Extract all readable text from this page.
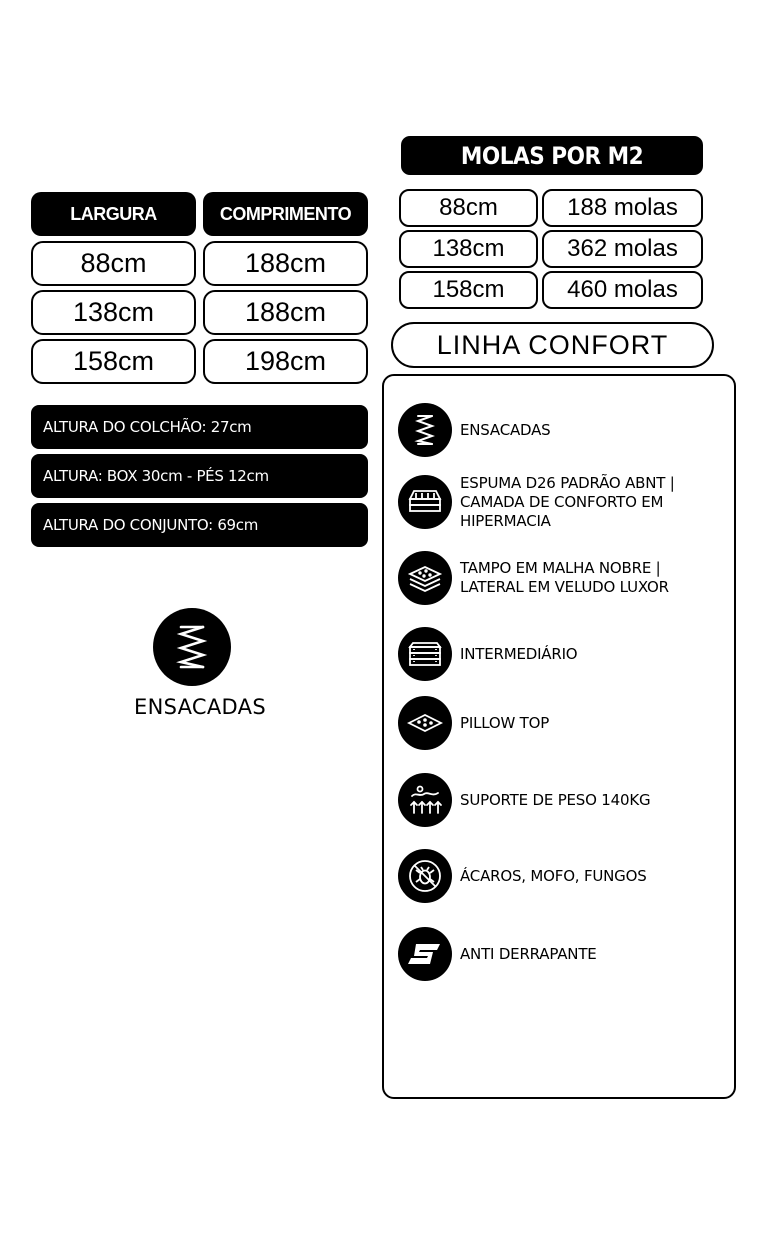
LARGURA	COMPRIMENTO
88cm	188cm
138cm	188cm
158cm	198cm
ALTURA DO COLCHÃO: 27cm
ALTURA: BOX 30cm - PÉS 12cm
ALTURA DO CONJUNTO: 69cm
ENSACADAS
MOLAS POR M2
88cm	188 molas
138cm	362 molas
158cm	460 molas
LINHA CONFORT
ENSACADAS
ESPUMA D26 PADRÃO ABNT |
CAMADA DE CONFORTO EM
HIPERMACIA
TAMPO EM MALHA NOBRE |
LATERAL EM VELUDO LUXOR
INTERMEDIÁRIO
PILLOW TOP
SUPORTE DE PESO 140KG
ÁCAROS, MOFO, FUNGOS
ANTI DERRAPANTE
